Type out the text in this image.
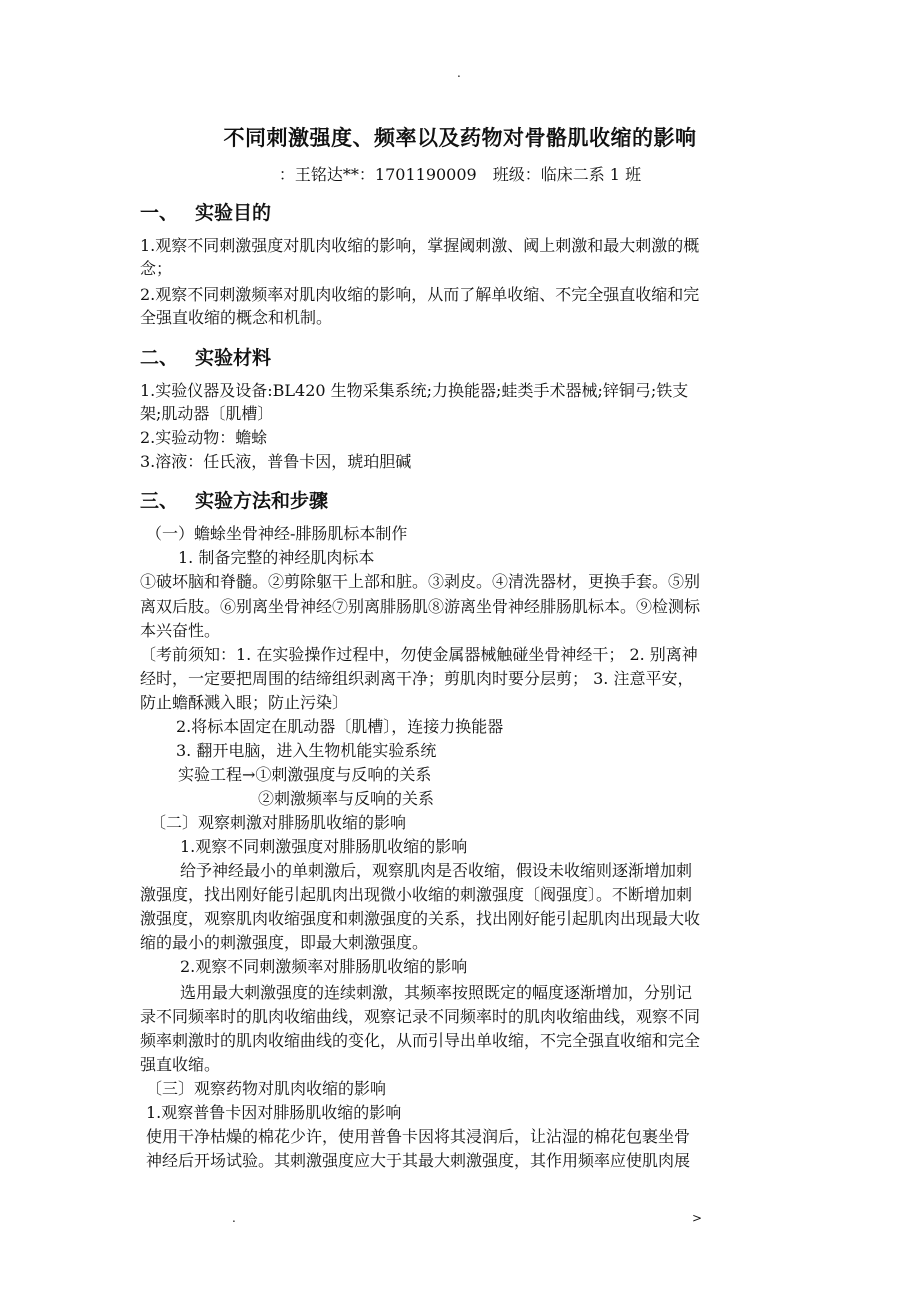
.
不同刺激强度、频率以及药物对骨骼肌收缩的影响
：王铭达**：1701190009　班级：临床二系 1 班
一、 实验目的
二、 实验材料
三、 实验方法和步骤
1.观察不同刺激强度对肌肉收缩的影响，掌握阈刺激、阈上刺激和最大刺激的概
念；
2.观察不同刺激频率对肌肉收缩的影响，从而了解单收缩、不完全强直收缩和完
全强直收缩的概念和机制。
1.实验仪器及设备:BL420 生物采集系统;力换能器;蛙类手术器械;锌铜弓;铁支
架;肌动器〔肌槽〕
2.实验动物：蟾蜍
3.溶液：任氏液，普鲁卡因，琥珀胆碱
（一）蟾蜍坐骨神经-腓肠肌标本制作
1. 制备完整的神经肌肉标本
①破坏脑和脊髓。②剪除躯干上部和脏。③剥皮。④清洗器材，更换手套。⑤别
离双后肢。⑥别离坐骨神经⑦别离腓肠肌⑧游离坐骨神经腓肠肌标本。⑨检测标
本兴奋性。
〔考前须知：1. 在实验操作过程中，勿使金属器械触碰坐骨神经干； 2. 别离神
经时，一定要把周围的结缔组织剥离干净；剪肌肉时要分层剪； 3. 注意平安，
防止蟾酥溅入眼；防止污染〕
2.将标本固定在肌动器〔肌槽〕，连接力换能器
3. 翻开电脑，进入生物机能实验系统
实验工程→①刺激强度与反响的关系
②刺激频率与反响的关系
〔二〕观察刺激对腓肠肌收缩的影响
1.观察不同刺激强度对腓肠肌收缩的影响
给予神经最小的单刺激后，观察肌肉是否收缩，假设未收缩则逐渐增加刺
激强度，找出刚好能引起肌肉出现微小收缩的刺激强度〔阀强度〕。不断增加刺
激强度，观察肌肉收缩强度和刺激强度的关系，找出刚好能引起肌肉出现最大收
缩的最小的刺激强度，即最大刺激强度。
2.观察不同刺激频率对腓肠肌收缩的影响
选用最大刺激强度的连续刺激，其频率按照既定的幅度逐渐增加，分别记
录不同频率时的肌肉收缩曲线，观察记录不同频率时的肌肉收缩曲线，观察不同
频率刺激时的肌肉收缩曲线的变化，从而引导出单收缩，不完全强直收缩和完全
强直收缩。
〔三〕观察药物对肌肉收缩的影响
1.观察普鲁卡因对腓肠肌收缩的影响
使用干净枯燥的棉花少许，使用普鲁卡因将其浸润后，让沾湿的棉花包裹坐骨
神经后开场试验。其刺激强度应大于其最大刺激强度，其作用频率应使肌肉展
.	>
